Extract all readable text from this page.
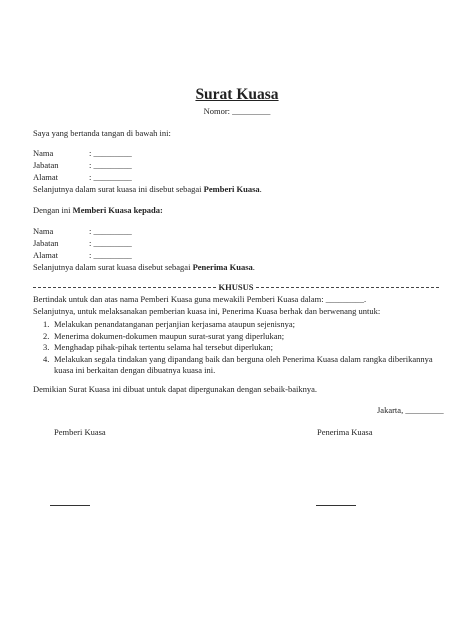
Surat Kuasa
Nomor: _________
Saya yang bertanda tangan di bawah ini:
Nama	: _________
Jabatan	: _________
Alamat	: _________
Selanjutnya dalam surat kuasa ini disebut sebagai Pemberi Kuasa.
Dengan ini Memberi Kuasa kepada:
Nama	: _________
Jabatan	: _________
Alamat	: _________
Selanjutnya dalam surat kuasa disebut sebagai Penerima Kuasa.
KHUSUS
Bertindak untuk dan atas nama Pemberi Kuasa guna mewakili Pemberi Kuasa dalam: _________.
Selanjutnya, untuk melaksanakan pemberian kuasa ini, Penerima Kuasa berhak dan berwenang untuk:
1. Melakukan penandatanganan perjanjian kerjasama ataupun sejenisnya;
2. Menerima dokumen-dokumen maupun surat-surat yang diperlukan;
3. Menghadap pihak-pihak tertentu selama hal tersebut diperlukan;
4. Melakukan segala tindakan yang dipandang baik dan berguna oleh Penerima Kuasa dalam rangka diberikannya kuasa ini berkaitan dengan dibuatnya kuasa ini.
Demikian Surat Kuasa ini dibuat untuk dapat dipergunakan dengan sebaik-baiknya.
Jakarta, _________
Pemberi Kuasa	Penerima Kuasa
